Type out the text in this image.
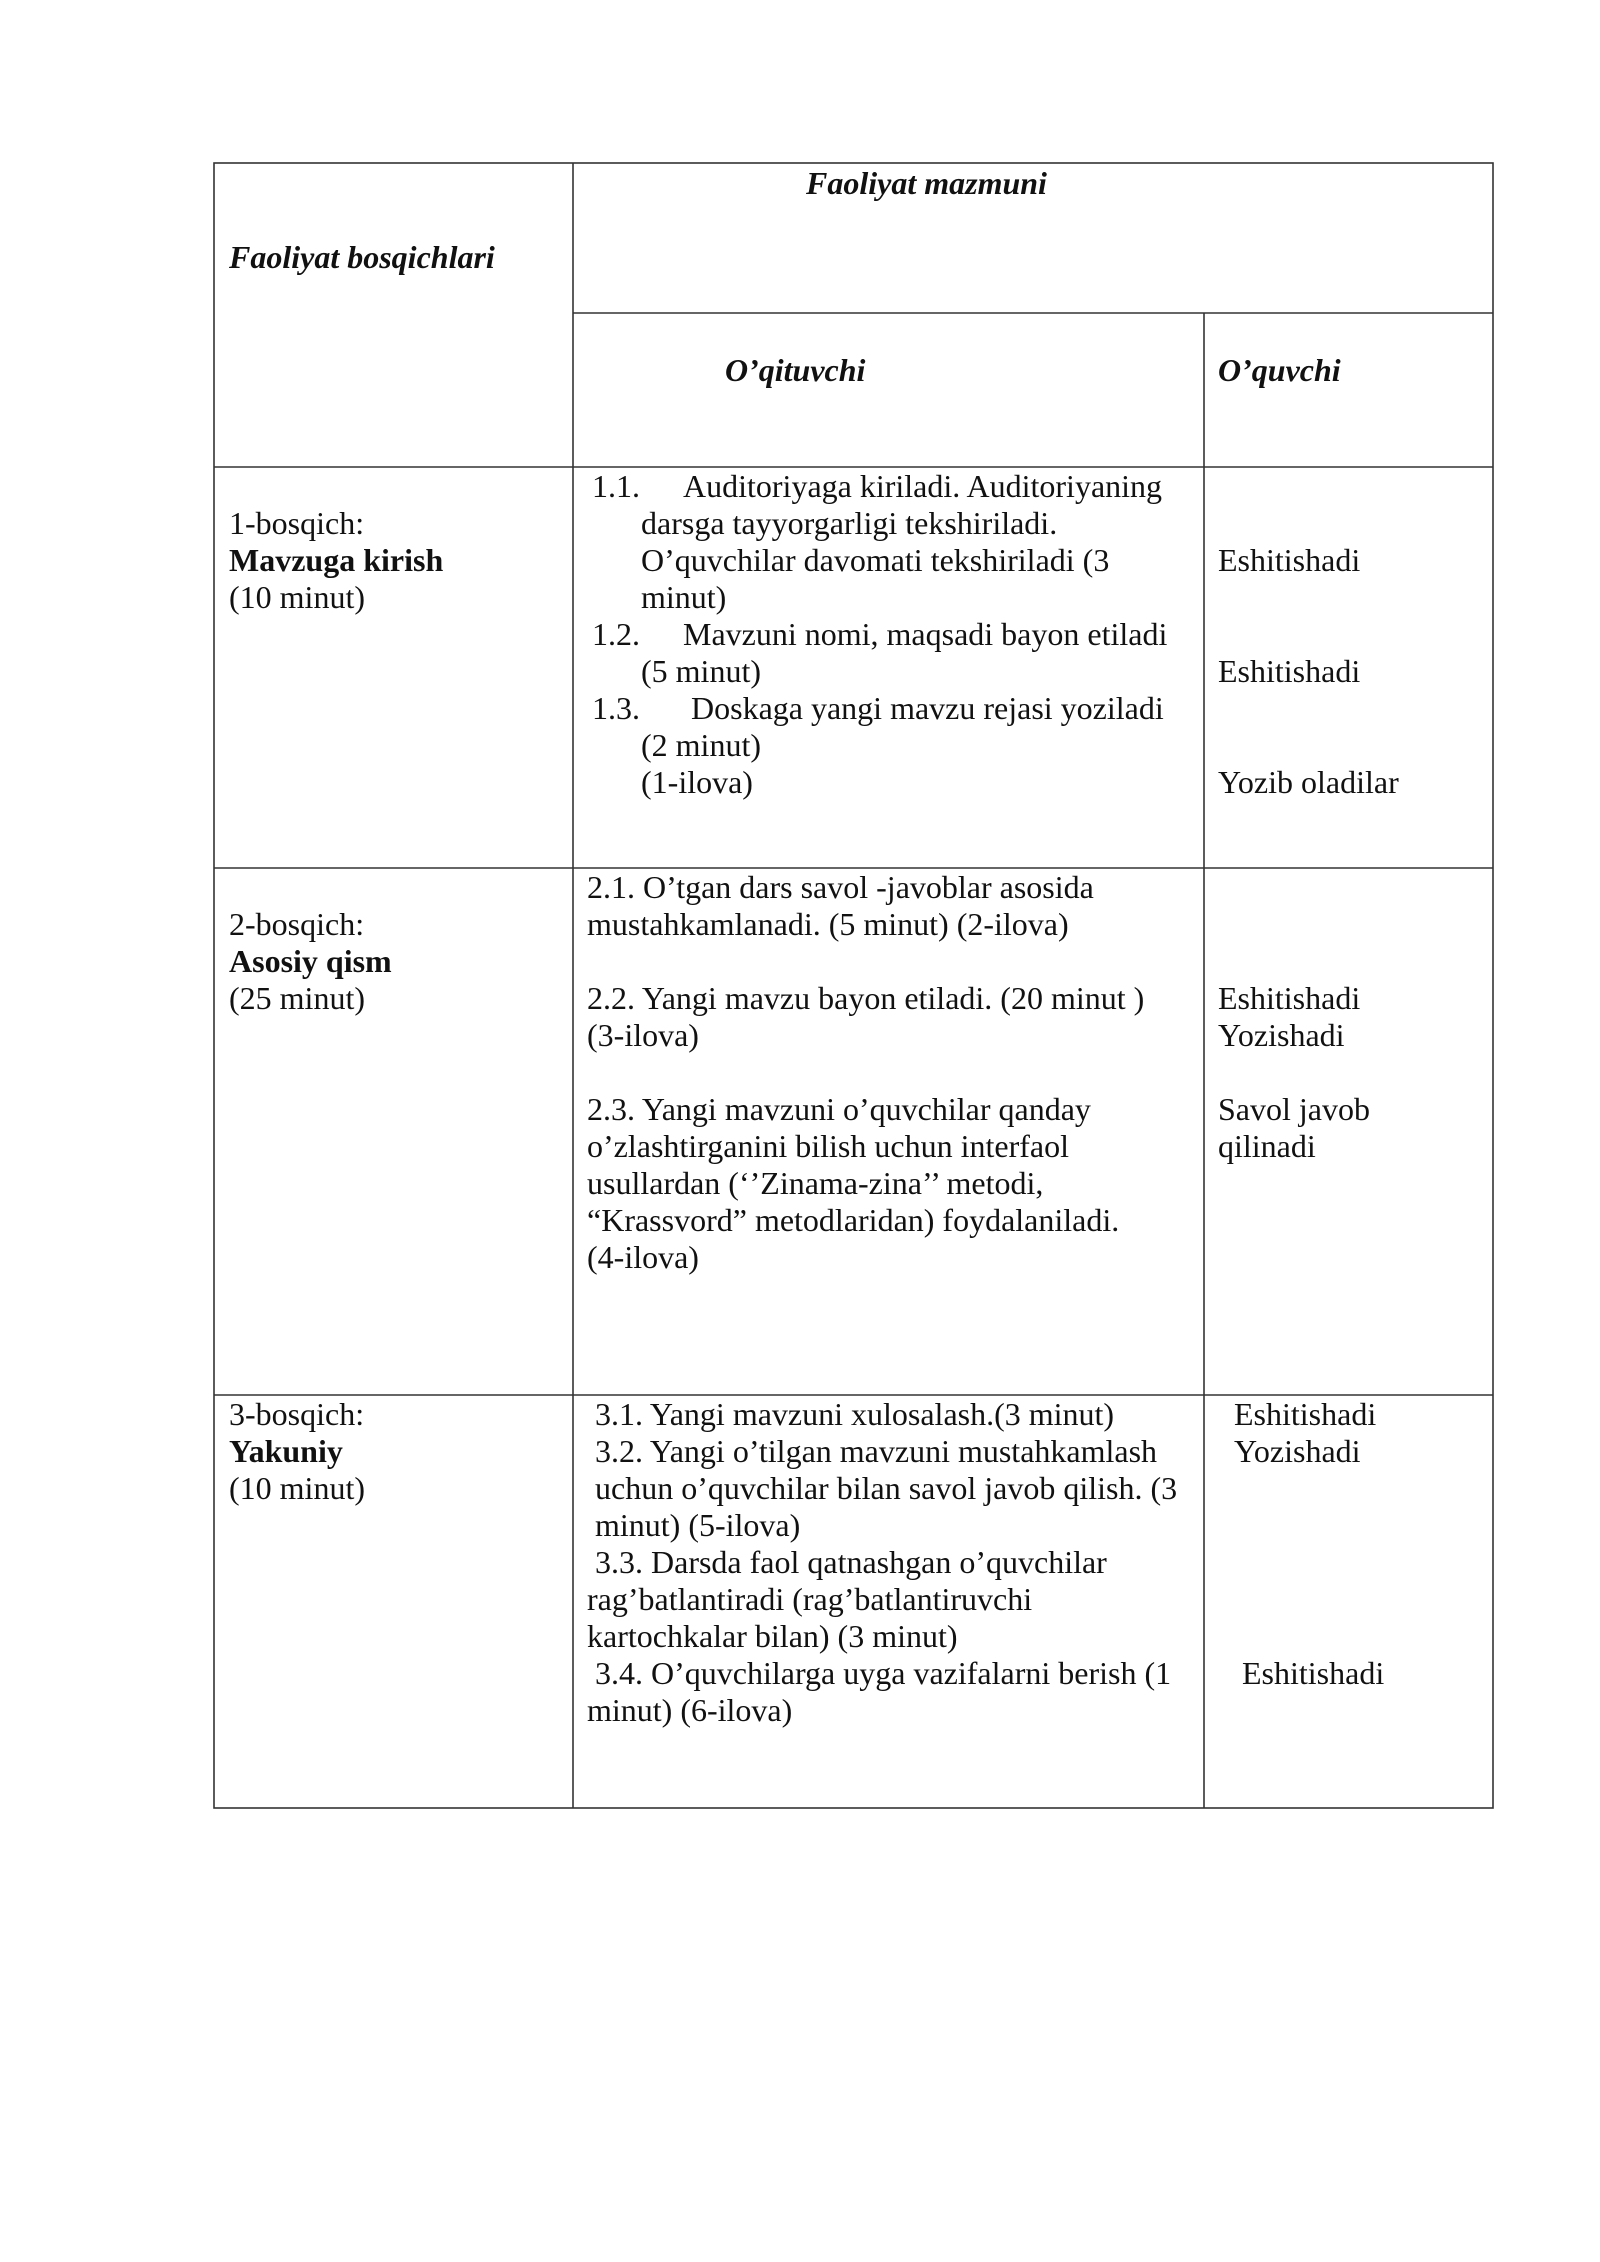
Faoliyat bosqichlari
Faoliyat mazmuni
O’qituvchi	O’quvchi
1-bosqich:
Mavzuga kirish
(10 minut)
1.1. Auditoriyaga kiriladi. Auditoriyaning
darsga tayyorgarligi tekshiriladi.
O’quvchilar davomati tekshiriladi (3
minut)
1.2. Mavzuni nomi, maqsadi bayon etiladi
(5 minut)
1.3. Doskaga yangi mavzu rejasi yoziladi
(2 minut)
(1-ilova)
Eshitishadi
Eshitishadi
Yozib oladilar
2-bosqich:
Asosiy qism
(25 minut)
2.1. O’tgan dars savol -javoblar asosida
mustahkamlanadi. (5 minut) (2-ilova)
2.2. Yangi mavzu bayon etiladi. (20 minut )
(3-ilova)
2.3. Yangi mavzuni o’quvchilar qanday
o’zlashtirganini bilish uchun interfaol
usullardan (‘’Zinama-zina’’ metodi,
“Krassvord” metodlaridan) foydalaniladi.
(4-ilova)
Eshitishadi
Yozishadi
Savol javob
qilinadi
3-bosqich:
Yakuniy
(10 minut)
3.1. Yangi mavzuni xulosalash.(3 minut)
3.2. Yangi o’tilgan mavzuni mustahkamlash
uchun o’quvchilar bilan savol javob qilish. (3
minut) (5-ilova)
3.3. Darsda faol qatnashgan o’quvchilar
rag’batlantiradi (rag’batlantiruvchi
kartochkalar bilan) (3 minut)
3.4. O’quvchilarga uyga vazifalarni berish (1
minut) (6-ilova)
Eshitishadi
Yozishadi
Eshitishadi
